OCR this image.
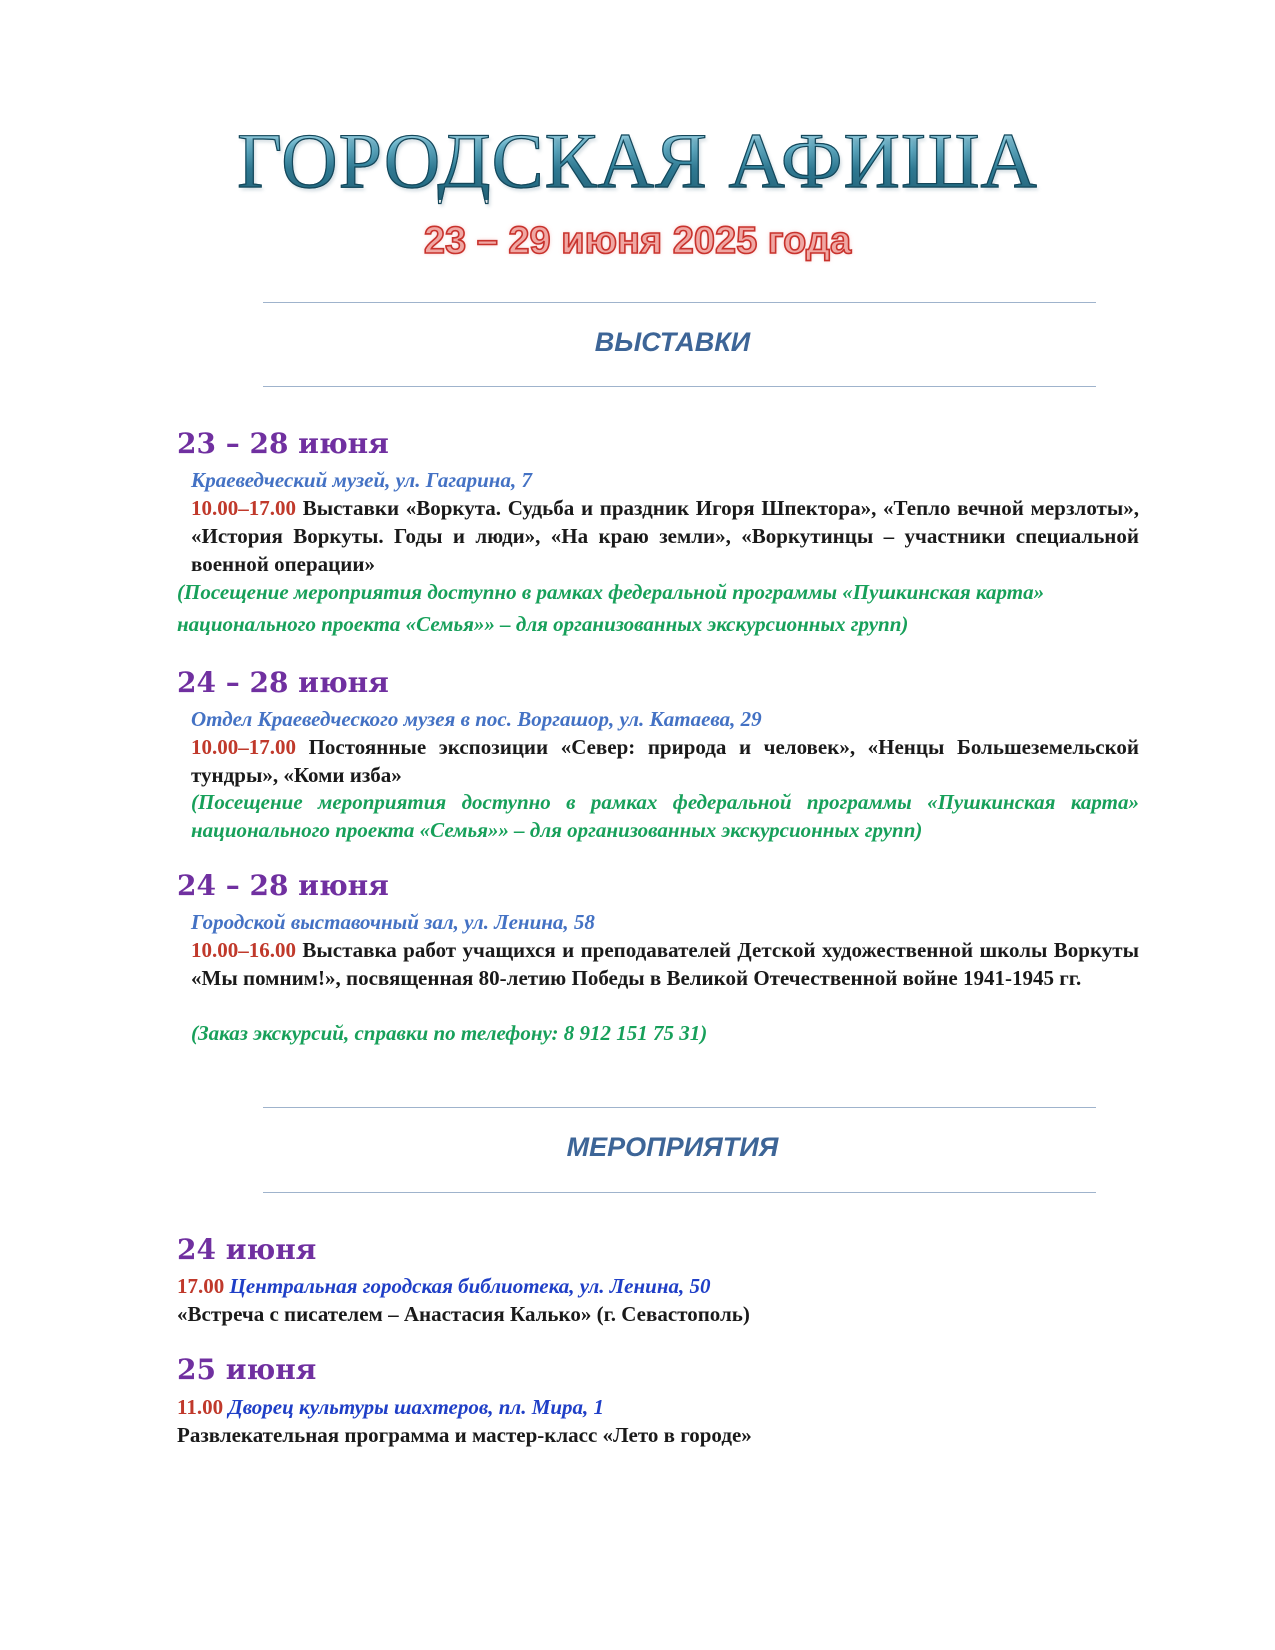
ГОРОДСКАЯ АФИША
23 – 29 июня 2025 года
ВЫСТАВКИ
23 – 28 июня
Краеведческий музей, ул. Гагарина, 7
10.00–17.00 Выставки «Воркута. Судьба и праздник Игоря Шпектора», «Тепло вечной мерзлоты», «История Воркуты. Годы и люди», «На краю земли», «Воркутинцы – участники специальной военной операции»
(Посещение мероприятия доступно в рамках федеральной программы «Пушкинская карта» национального проекта «Семья»» – для организованных экскурсионных групп)
24 – 28 июня
Отдел Краеведческого музея в пос. Воргашор, ул. Катаева, 29
10.00–17.00 Постоянные экспозиции «Север: природа и человек», «Ненцы Большеземельской тундры», «Коми изба»
(Посещение мероприятия доступно в рамках федеральной программы «Пушкинская карта» национального проекта «Семья»» – для организованных экскурсионных групп)
24 – 28 июня
Городской выставочный зал, ул. Ленина, 58
10.00–16.00 Выставка работ учащихся и преподавателей Детской художественной школы Воркуты «Мы помним!», посвященная 80-летию Победы в Великой Отечественной войне 1941-1945 гг.
(Заказ экскурсий, справки по телефону: 8 912 151 75 31)
МЕРОПРИЯТИЯ
24 июня
17.00 Центральная городская библиотека, ул. Ленина, 50
«Встреча с писателем – Анастасия Калько» (г. Севастополь)
25 июня
11.00 Дворец культуры шахтеров, пл. Мира, 1
Развлекательная программа и мастер-класс «Лето в городе»
